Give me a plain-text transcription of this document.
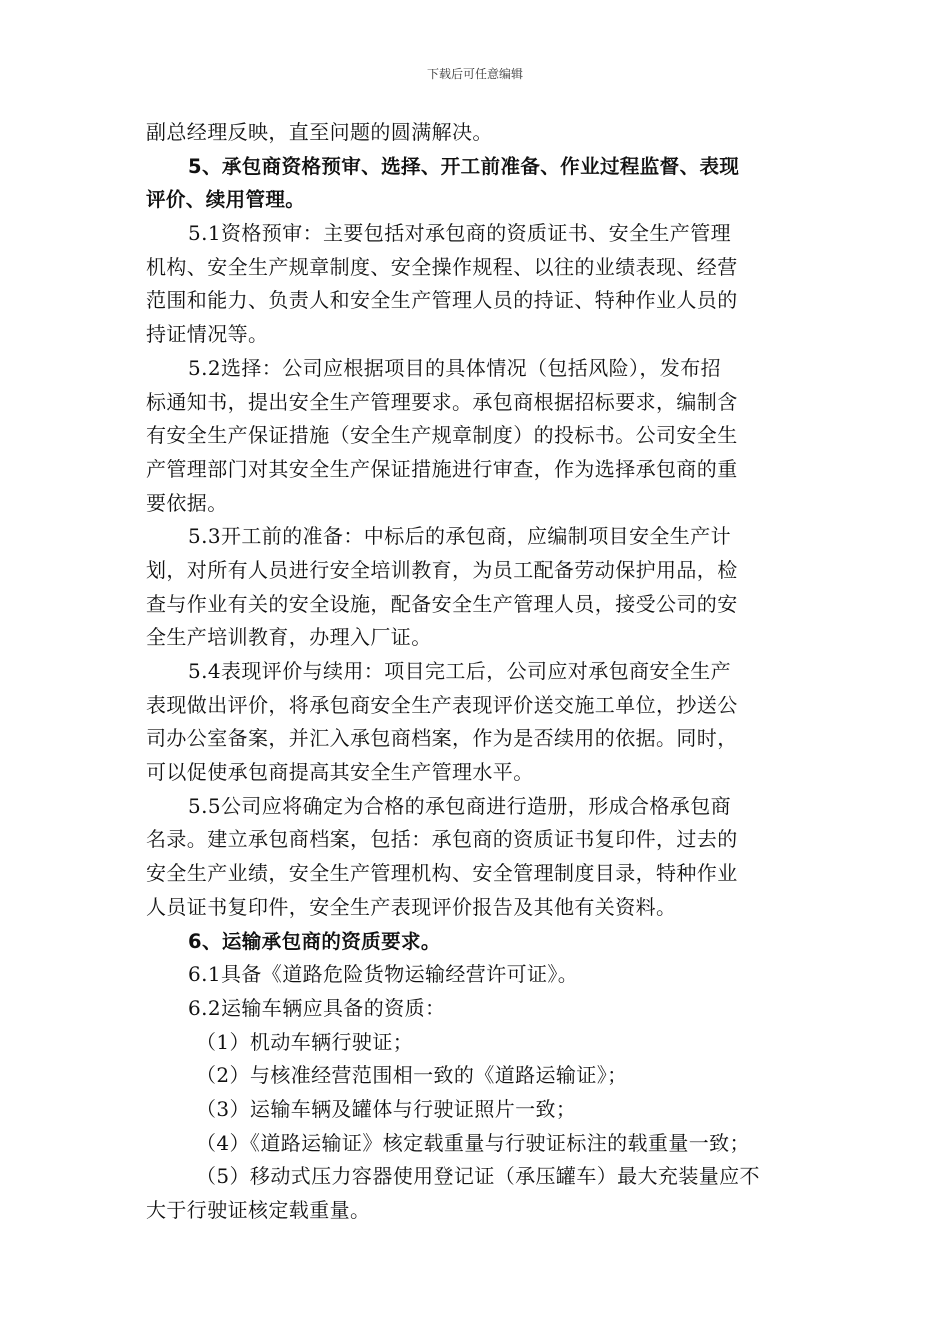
下载后可任意编辑
副总经理反映，直至问题的圆满解决。
5、承包商资格预审、选择、开工前准备、作业过程监督、表现
评价、续用管理。
5.1资格预审：主要包括对承包商的资质证书、安全生产管理
机构、安全生产规章制度、安全操作规程、以往的业绩表现、经营
范围和能力、负责人和安全生产管理人员的持证、特种作业人员的
持证情况等。
5.2选择：公司应根据项目的具体情况（包括风险），发布招
标通知书，提出安全生产管理要求。承包商根据招标要求，编制含
有安全生产保证措施（安全生产规章制度）的投标书。公司安全生
产管理部门对其安全生产保证措施进行审查，作为选择承包商的重
要依据。
5.3开工前的准备：中标后的承包商，应编制项目安全生产计
划，对所有人员进行安全培训教育，为员工配备劳动保护用品，检
查与作业有关的安全设施，配备安全生产管理人员，接受公司的安
全生产培训教育，办理入厂证。
5.4表现评价与续用：项目完工后，公司应对承包商安全生产
表现做出评价，将承包商安全生产表现评价送交施工单位，抄送公
司办公室备案，并汇入承包商档案，作为是否续用的依据。同时，
可以促使承包商提高其安全生产管理水平。
5.5公司应将确定为合格的承包商进行造册，形成合格承包商
名录。建立承包商档案，包括：承包商的资质证书复印件，过去的
安全生产业绩，安全生产管理机构、安全管理制度目录，特种作业
人员证书复印件，安全生产表现评价报告及其他有关资料。
6、运输承包商的资质要求。
6.1具备《道路危险货物运输经营许可证》。
6.2运输车辆应具备的资质：
（1）机动车辆行驶证；
（2）与核准经营范围相一致的《道路运输证》；
（3）运输车辆及罐体与行驶证照片一致；
（4）《道路运输证》核定载重量与行驶证标注的载重量一致；
（5）移动式压力容器使用登记证（承压罐车）最大充装量应不
大于行驶证核定载重量。
